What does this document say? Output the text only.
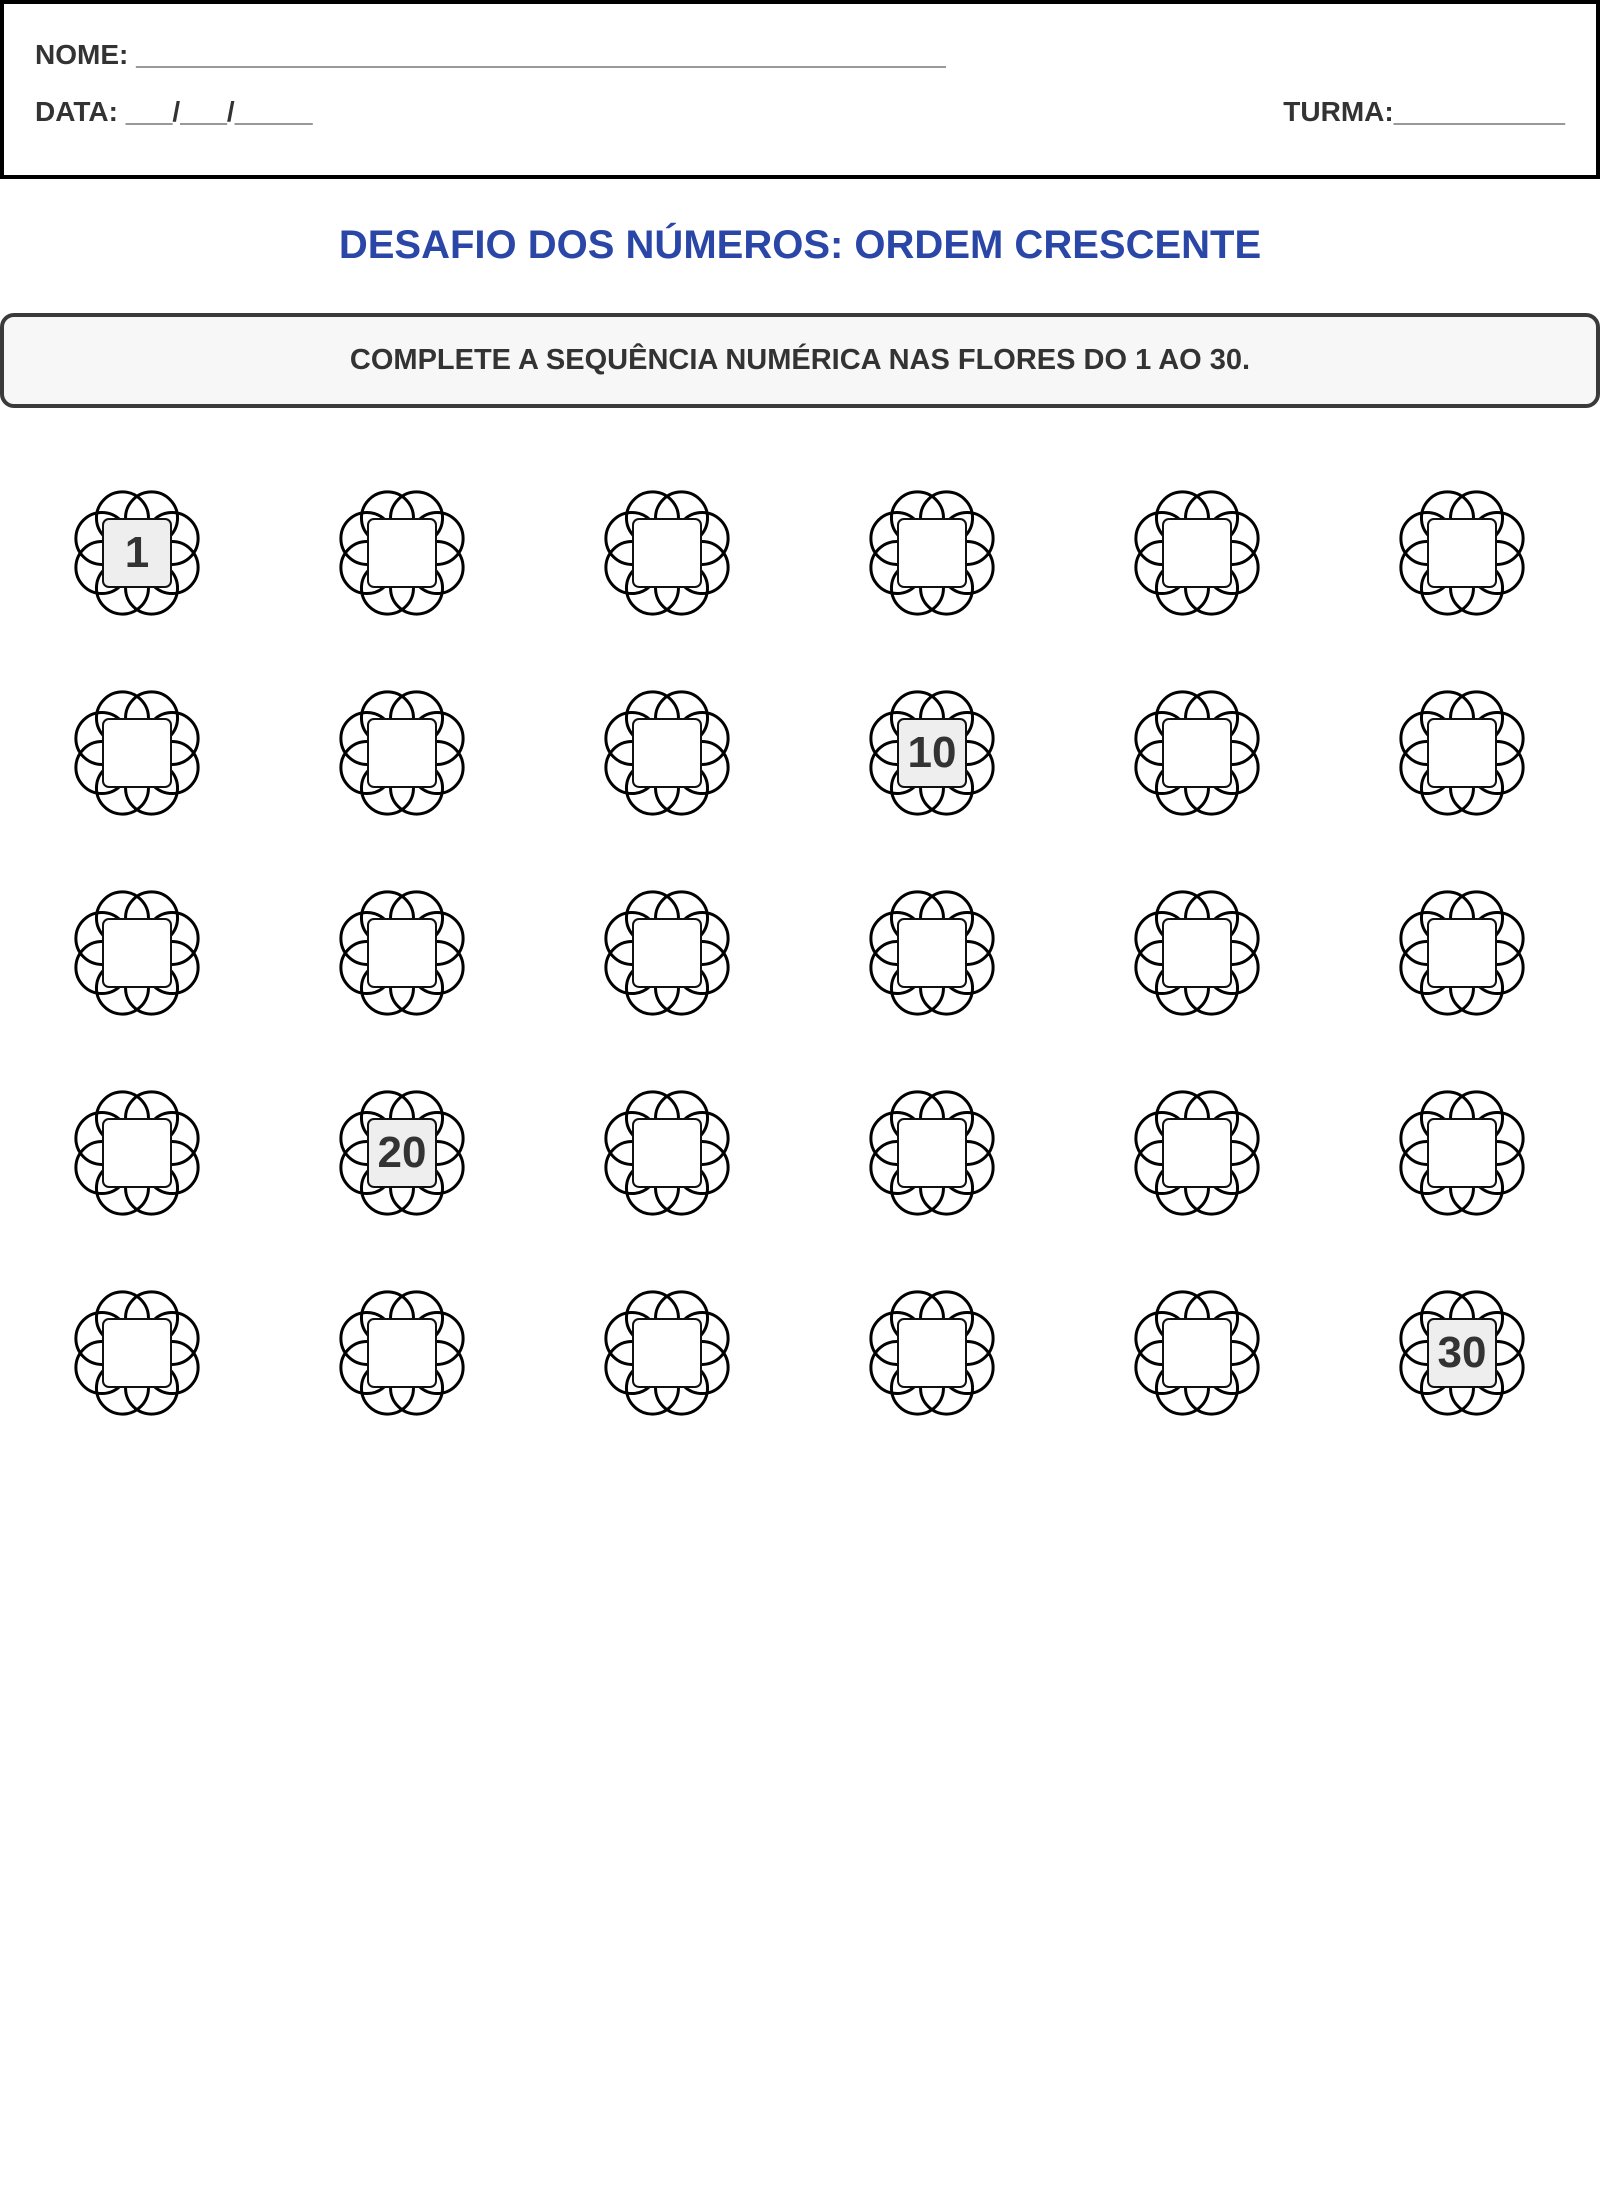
NOME: ____________________________________________________
DATA: ___/___/_____	TURMA:___________
DESAFIO DOS NÚMEROS: ORDEM CRESCENTE
COMPLETE A SEQUÊNCIA NUMÉRICA NAS FLORES DO 1 AO 30.
1
10
20
30
